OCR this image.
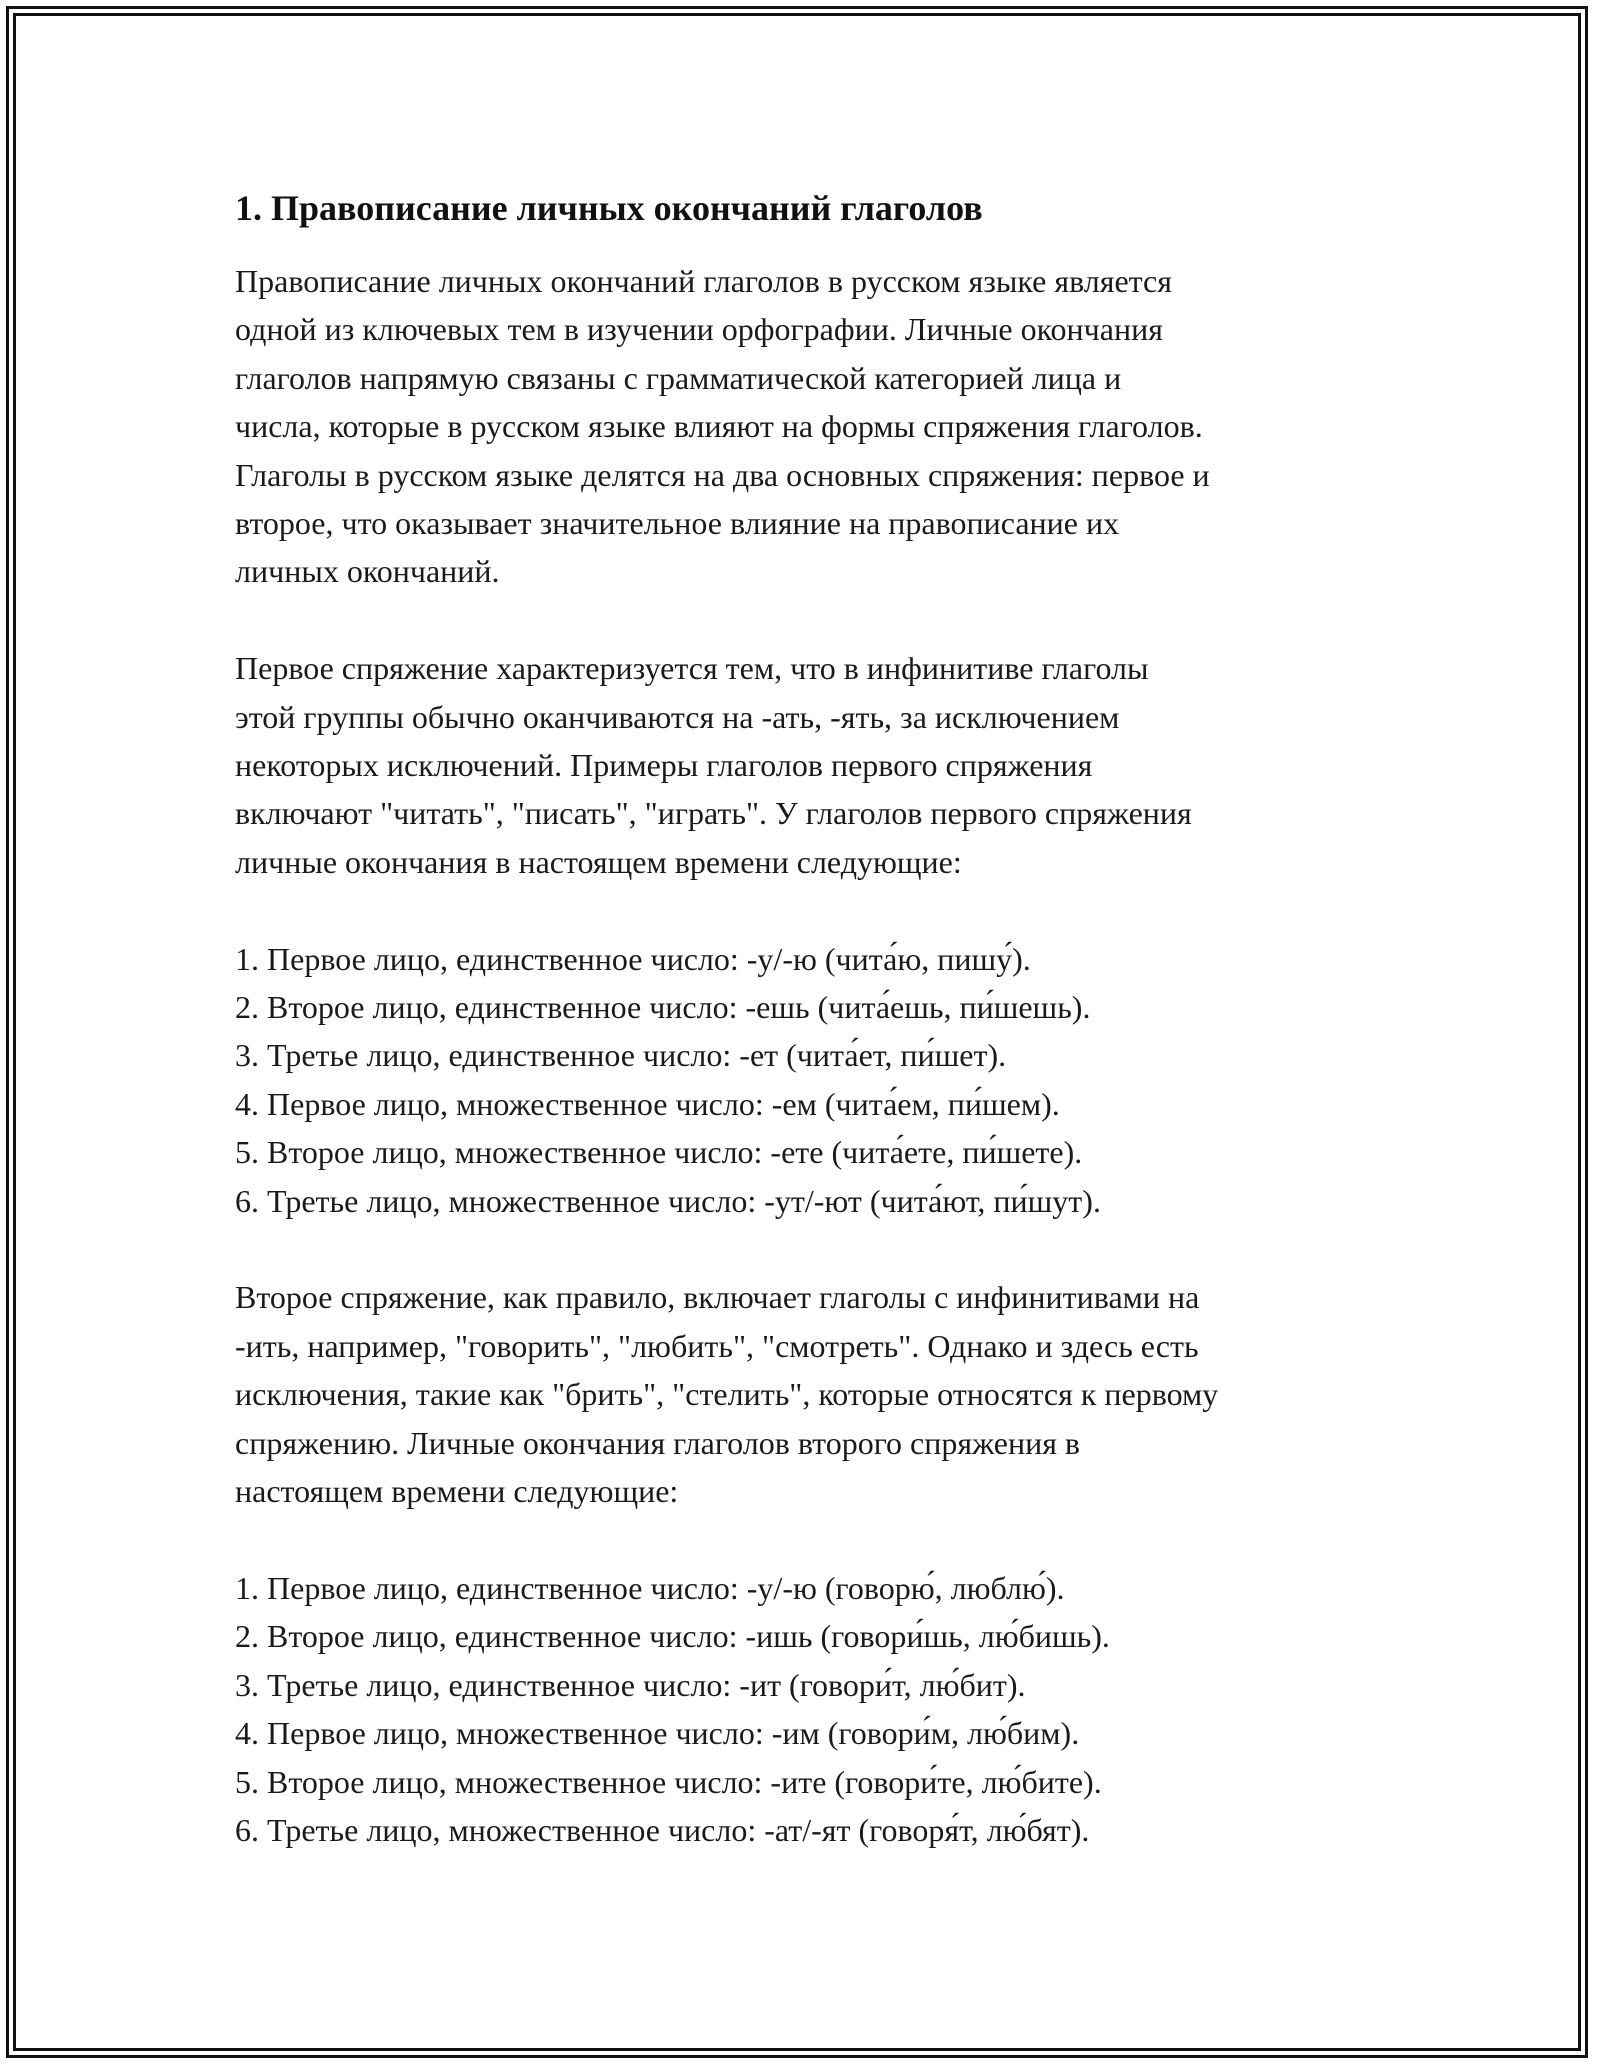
1. Правописание личных окончаний глаголов

Правописание личных окончаний глаголов в русском языке является
одной из ключевых тем в изучении орфографии. Личные окончания
глаголов напрямую связаны с грамматической категорией лица и
числа, которые в русском языке влияют на формы спряжения глаголов.
Глаголы в русском языке делятся на два основных спряжения: первое и
второе, что оказывает значительное влияние на правописание их
личных окончаний.

Первое спряжение характеризуется тем, что в инфинитиве глаголы
этой группы обычно оканчиваются на -ать, -ять, за исключением
некоторых исключений. Примеры глаголов первого спряжения
включают "читать", "писать", "играть". У глаголов первого спряжения
личные окончания в настоящем времени следующие:

1. Первое лицо, единственное число: -у/-ю (чита́ю, пишу́).
2. Второе лицо, единственное число: -ешь (чита́ешь, пи́шешь).
3. Третье лицо, единственное число: -ет (чита́ет, пи́шет).
4. Первое лицо, множественное число: -ем (чита́ем, пи́шем).
5. Второе лицо, множественное число: -ете (чита́ете, пи́шете).
6. Третье лицо, множественное число: -ут/-ют (чита́ют, пи́шут).

Второе спряжение, как правило, включает глаголы с инфинитивами на
-ить, например, "говорить", "любить", "смотреть". Однако и здесь есть
исключения, такие как "брить", "стелить", которые относятся к первому
спряжению. Личные окончания глаголов второго спряжения в
настоящем времени следующие:

1. Первое лицо, единственное число: -у/-ю (говорю́, люблю́).
2. Второе лицо, единственное число: -ишь (говори́шь, лю́бишь).
3. Третье лицо, единственное число: -ит (говори́т, лю́бит).
4. Первое лицо, множественное число: -им (говори́м, лю́бим).
5. Второе лицо, множественное число: -ите (говори́те, лю́бите).
6. Третье лицо, множественное число: -ат/-ят (говоря́т, лю́бят).
